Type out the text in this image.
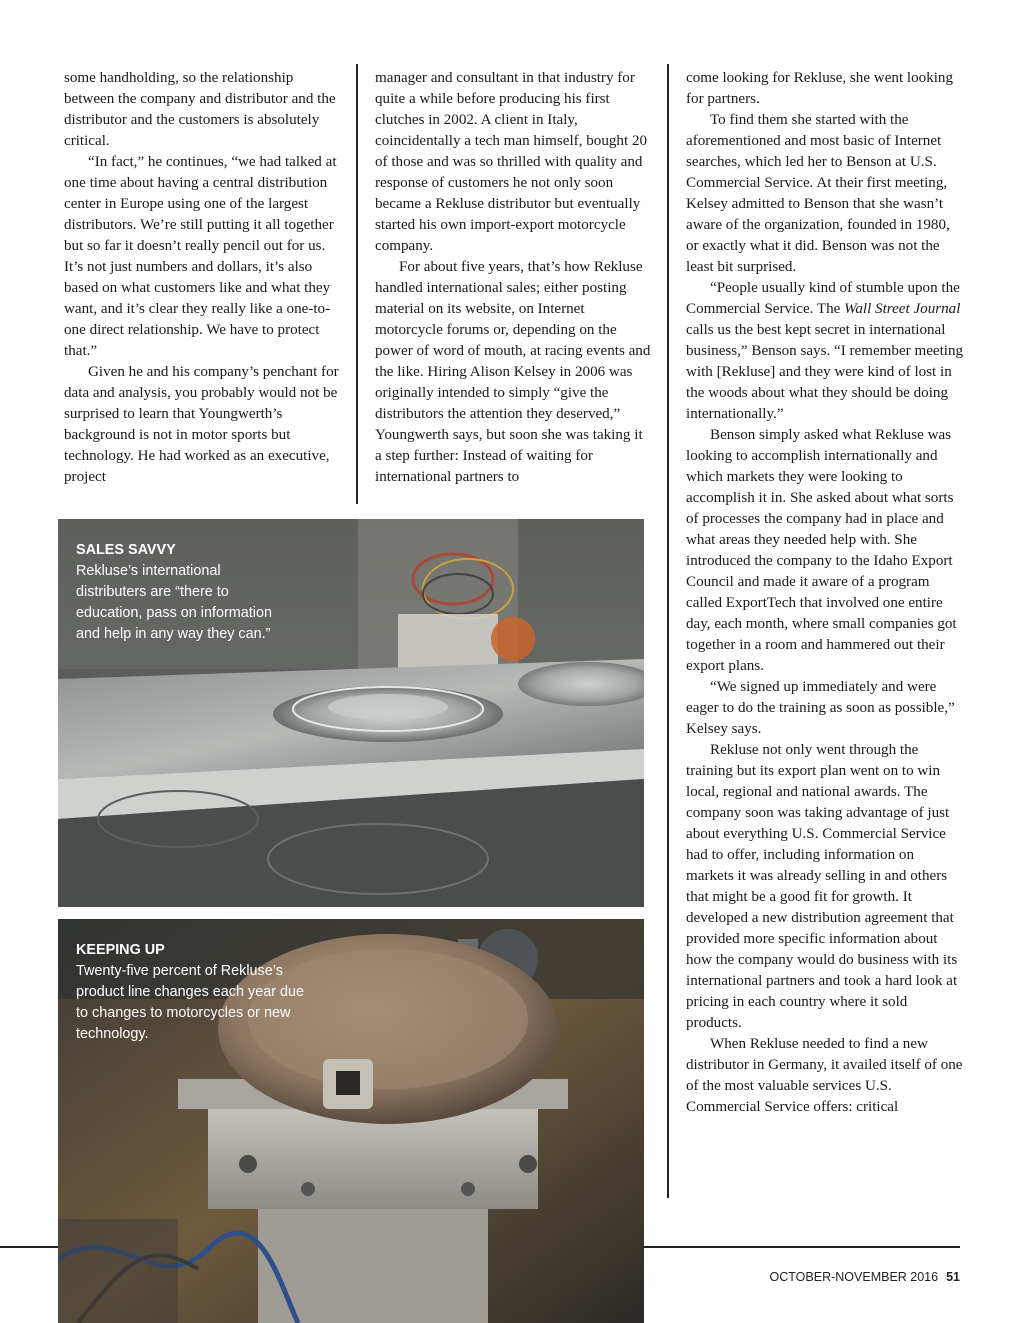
some handholding, so the relationship between the company and distributor and the distributor and the customers is absolutely critical.

“In fact,” he continues, “we had talked at one time about having a central distribution center in Europe using one of the largest distributors. We’re still putting it all together but so far it doesn’t really pencil out for us. It’s not just numbers and dollars, it’s also based on what customers like and what they want, and it’s clear they really like a one-to-one direct relationship. We have to protect that.”

Given he and his company’s penchant for data and analysis, you probably would not be surprised to learn that Youngwerth’s background is not in motor sports but technology. He had worked as an executive, project

manager and consultant in that industry for quite a while before producing his first clutches in 2002. A client in Italy, coincidentally a tech man himself, bought 20 of those and was so thrilled with quality and response of customers he not only soon became a Rekluse distributor but eventually started his own import-export motorcycle company.

For about five years, that’s how Rekluse handled international sales; either posting material on its website, on Internet motorcycle forums or, depending on the power of word of mouth, at racing events and the like. Hiring Alison Kelsey in 2006 was originally intended to simply “give the distributors the attention they deserved,” Youngwerth says, but soon she was taking it a step further: Instead of waiting for international partners to

come looking for Rekluse, she went looking for partners.

To find them she started with the aforementioned and most basic of Internet searches, which led her to Benson at U.S. Commercial Service. At their first meeting, Kelsey admitted to Benson that she wasn’t aware of the organization, founded in 1980, or exactly what it did. Benson was not the least bit surprised.

“People usually kind of stumble upon the Commercial Service. The Wall Street Journal calls us the best kept secret in international business,” Benson says. “I remember meeting with [Rekluse] and they were kind of lost in the woods about what they should be doing internationally.”

Benson simply asked what Rekluse was looking to accomplish internationally and which markets they were looking to accomplish it in. She asked about what sorts of processes the company had in place and what areas they needed help with. She introduced the company to the Idaho Export Council and made it aware of a program called ExportTech that involved one entire day, each month, where small companies got together in a room and hammered out their export plans.

“We signed up immediately and were eager to do the training as soon as possible,” Kelsey says.

Rekluse not only went through the training but its export plan went on to win local, regional and national awards. The company soon was taking advantage of just about everything U.S. Commercial Service had to offer, including information on markets it was already selling in and others that might be a good fit for growth. It developed a new distribution agreement that provided more specific information about how the company would do business with its international partners and took a hard look at pricing in each country where it sold products.

When Rekluse needed to find a new distributor in Germany, it availed itself of one of the most valuable services U.S. Commercial Service offers: critical

SALES SAVVY
Rekluse’s international distributers are “there to education, pass on information and help in any way they can.”
KEEPING UP
Twenty-five percent of Rekluse’s product line changes each year due to changes to motorcycles or new technology.
OCTOBER-NOVEMBER 2016 51
